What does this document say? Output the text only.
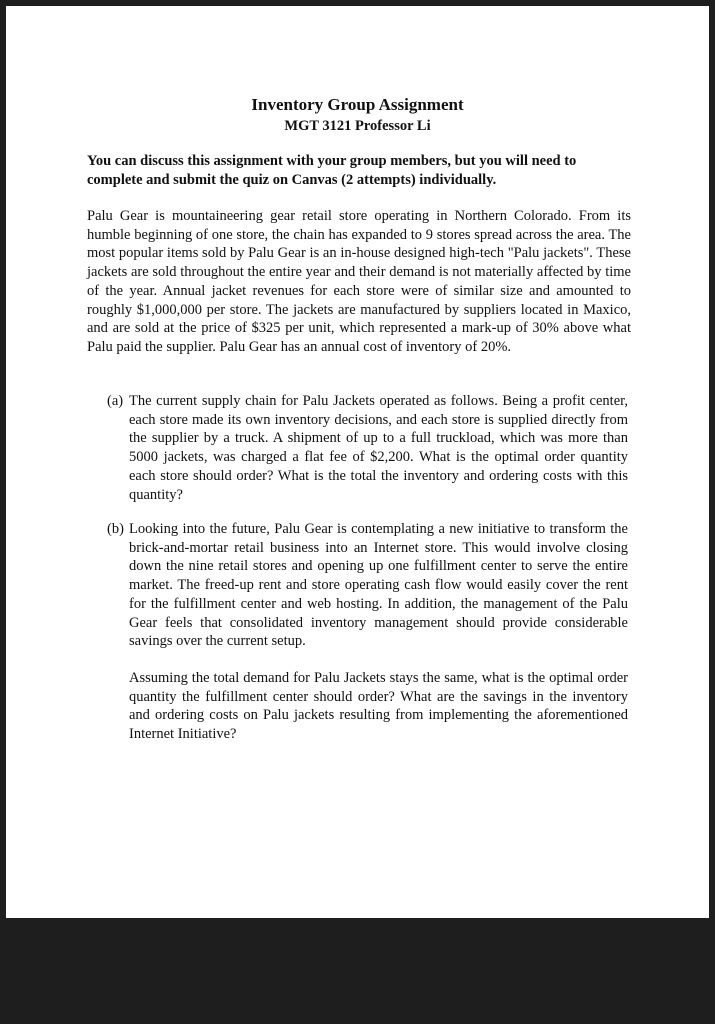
Inventory Group Assignment
MGT 3121 Professor Li
You can discuss this assignment with your group members, but you will need to complete and submit the quiz on Canvas (2 attempts) individually.
Palu Gear is mountaineering gear retail store operating in Northern Colorado. From its humble beginning of one store, the chain has expanded to 9 stores spread across the area. The most popular items sold by Palu Gear is an in-house designed high-tech "Palu jackets". These jackets are sold throughout the entire year and their demand is not materially affected by time of the year. Annual jacket revenues for each store were of similar size and amounted to roughly $1,000,000 per store. The jackets are manufactured by suppliers located in Maxico, and are sold at the price of $325 per unit, which represented a mark-up of 30% above what Palu paid the supplier. Palu Gear has an annual cost of inventory of 20%.
(a) The current supply chain for Palu Jackets operated as follows. Being a profit center, each store made its own inventory decisions, and each store is supplied directly from the supplier by a truck. A shipment of up to a full truckload, which was more than 5000 jackets, was charged a flat fee of $2,200. What is the optimal order quantity each store should order? What is the total the inventory and ordering costs with this quantity?
(b) Looking into the future, Palu Gear is contemplating a new initiative to transform the brick-and-mortar retail business into an Internet store. This would involve closing down the nine retail stores and opening up one fulfillment center to serve the entire market. The freed-up rent and store operating cash flow would easily cover the rent for the fulfillment center and web hosting. In addition, the management of the Palu Gear feels that consolidated inventory management should provide considerable savings over the current setup.
Assuming the total demand for Palu Jackets stays the same, what is the optimal order quantity the fulfillment center should order? What are the savings in the inventory and ordering costs on Palu jackets resulting from implementing the aforementioned Internet Initiative?
